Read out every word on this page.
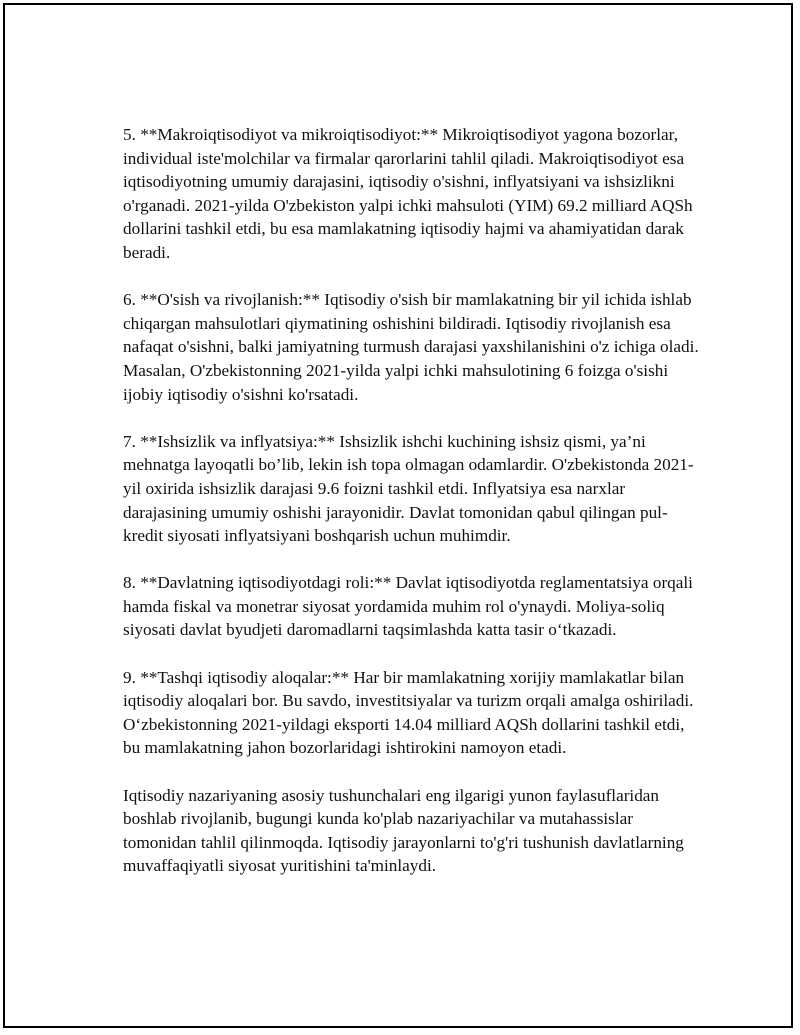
5. **Makroiqtisodiyot va mikroiqtisodiyot:** Mikroiqtisodiyot yagona bozorlar, individual iste'molchilar va firmalar qarorlarini tahlil qiladi. Makroiqtisodiyot esa iqtisodiyotning umumiy darajasini, iqtisodiy o'sishni, inflyatsiyani va ishsizlikni o'rganadi. 2021-yilda O'zbekiston yalpi ichki mahsuloti (YIM) 69.2 milliard AQSh dollarini tashkil etdi, bu esa mamlakatning iqtisodiy hajmi va ahamiyatidan darak beradi.

6. **O'sish va rivojlanish:** Iqtisodiy o'sish bir mamlakatning bir yil ichida ishlab chiqargan mahsulotlari qiymatining oshishini bildiradi. Iqtisodiy rivojlanish esa nafaqat o'sishni, balki jamiyatning turmush darajasi yaxshilanishini o'z ichiga oladi. Masalan, O'zbekistonning 2021-yilda yalpi ichki mahsulotining 6 foizga o'sishi ijobiy iqtisodiy o'sishni ko'rsatadi.

7. **Ishsizlik va inflyatsiya:** Ishsizlik ishchi kuchining ishsiz qismi, ya’ni mehnatga layoqatli bo’lib, lekin ish topa olmagan odamlardir. O'zbekistonda 2021-yil oxirida ishsizlik darajasi 9.6 foizni tashkil etdi. Inflyatsiya esa narxlar darajasining umumiy oshishi jarayonidir. Davlat tomonidan qabul qilingan pul-kredit siyosati inflyatsiyani boshqarish uchun muhimdir.

8. **Davlatning iqtisodiyotdagi roli:** Davlat iqtisodiyotda reglamentatsiya orqali hamda fiskal va monetrar siyosat yordamida muhim rol o'ynaydi. Moliya-soliq siyosati davlat byudjeti daromadlarni taqsimlashda katta tasir o‘tkazadi.

9. **Tashqi iqtisodiy aloqalar:** Har bir mamlakatning xorijiy mamlakatlar bilan iqtisodiy aloqalari bor. Bu savdo, investitsiyalar va turizm orqali amalga oshiriladi. O‘zbekistonning 2021-yildagi eksporti 14.04 milliard AQSh dollarini tashkil etdi, bu mamlakatning jahon bozorlaridagi ishtirokini namoyon etadi.

Iqtisodiy nazariyaning asosiy tushunchalari eng ilgarigi yunon faylasuflaridan boshlab rivojlanib, bugungi kunda ko'plab nazariyachilar va mutahassislar tomonidan tahlil qilinmoqda. Iqtisodiy jarayonlarni to'g'ri tushunish davlatlarning muvaffaqiyatli siyosat yuritishini ta'minlaydi.
